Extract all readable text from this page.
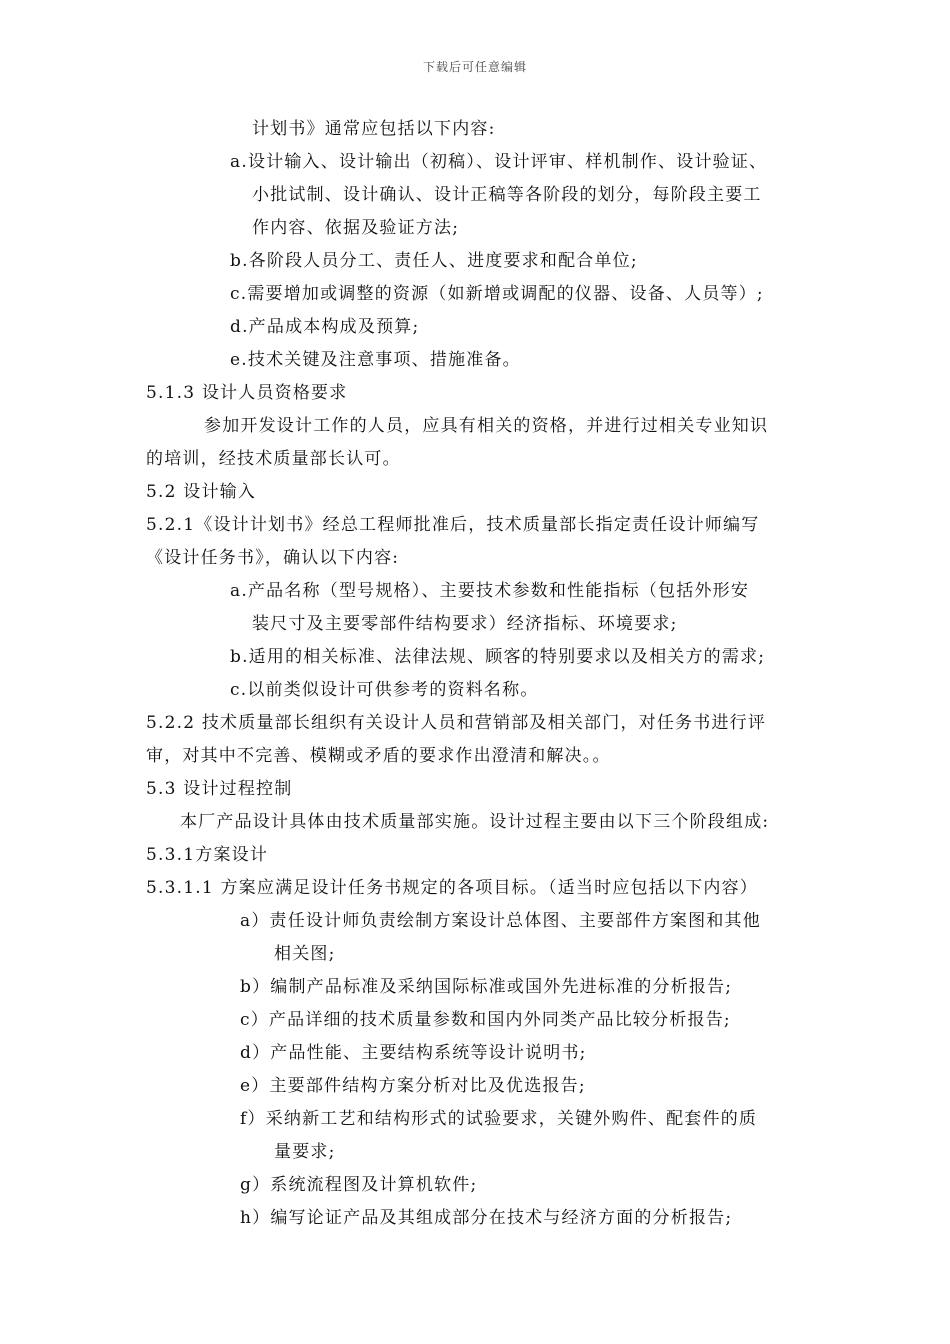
下载后可任意编辑
计划书》通常应包括以下内容:
a.设计输入、设计输出（初稿）、设计评审、样机制作、设计验证、
小批试制、设计确认、设计正稿等各阶段的划分，每阶段主要工
作内容、依据及验证方法;
b.各阶段人员分工、责任人、进度要求和配合单位;
c.需要增加或调整的资源（如新增或调配的仪器、设备、人员等）;
d.产品成本构成及预算;
e.技术关键及注意事项、措施准备。
5.1.3 设计人员资格要求
参加开发设计工作的人员，应具有相关的资格，并进行过相关专业知识
的培训，经技术质量部长认可。
5.2 设计输入
5.2.1《设计计划书》经总工程师批准后，技术质量部长指定责任设计师编写
《设计任务书》，确认以下内容:
a.产品名称（型号规格）、主要技术参数和性能指标（包括外形安
装尺寸及主要零部件结构要求）经济指标、环境要求;
b.适用的相关标准、法律法规、顾客的特别要求以及相关方的需求;
c.以前类似设计可供参考的资料名称。
5.2.2 技术质量部长组织有关设计人员和营销部及相关部门，对任务书进行评
审，对其中不完善、模糊或矛盾的要求作出澄清和解决。。
5.3 设计过程控制
本厂产品设计具体由技术质量部实施。设计过程主要由以下三个阶段组成:
5.3.1方案设计
5.3.1.1 方案应满足设计任务书规定的各项目标。（适当时应包括以下内容）
a）责任设计师负责绘制方案设计总体图、主要部件方案图和其他
相关图;
b）编制产品标准及采纳国际标准或国外先进标准的分析报告;
c）产品详细的技术质量参数和国内外同类产品比较分析报告;
d）产品性能、主要结构系统等设计说明书;
e）主要部件结构方案分析对比及优选报告;
f）采纳新工艺和结构形式的试验要求，关键外购件、配套件的质
量要求;
g）系统流程图及计算机软件;
h）编写论证产品及其组成部分在技术与经济方面的分析报告;
